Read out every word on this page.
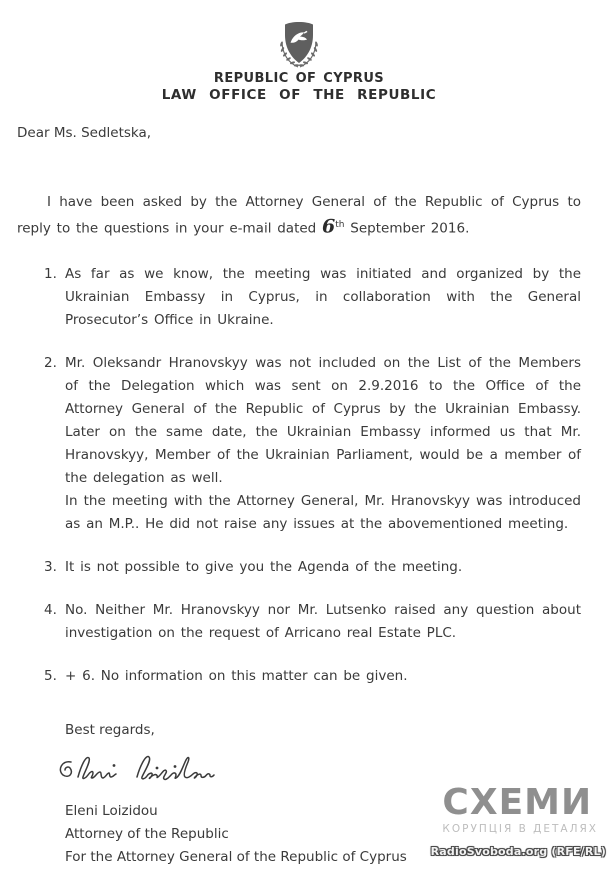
REPUBLIC OF CYPRUS
LAW OFFICE OF THE REPUBLIC
Dear Ms. Sedletska,

I have been asked by the Attorney General of the Republic of Cyprus to reply to the questions in your e-mail dated 6th September 2016.

1. As far as we know, the meeting was initiated and organized by the Ukrainian Embassy in Cyprus, in collaboration with the General Prosecutor’s Office in Ukraine.

2. Mr. Oleksandr Hranovskyy was not included on the List of the Members of the Delegation which was sent on 2.9.2016 to the Office of the Attorney General of the Republic of Cyprus by the Ukrainian Embassy. Later on the same date, the Ukrainian Embassy informed us that Mr. Hranovskyy, Member of the Ukrainian Parliament, would be a member of the delegation as well.

In the meeting with the Attorney General, Mr. Hranovskyy was introduced as an M.P.. He did not raise any issues at the abovementioned meeting.

3. It is not possible to give you the Agenda of the meeting.

4. No. Neither Mr. Hranovskyy nor Mr. Lutsenko raised any question about investigation on the request of Arricano real Estate PLC.

5. + 6. No information on this matter can be given.

Best regards,
Eleni Loizidou
Attorney of the Republic
For the Attorney General of the Republic of Cyprus
СХЕМИ
КОРУПЦІЯ В ДЕТАЛЯХ
RadioSvoboda.org (RFE/RL)
